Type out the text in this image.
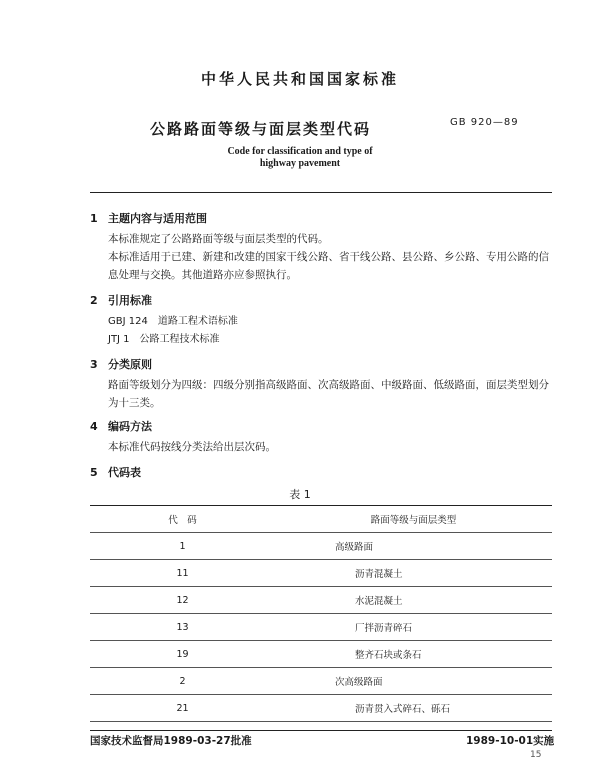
中华人民共和国国家标准
公路路面等级与面层类型代码	GB 920—89
Code for classification and type of
highway pavement
1 主题内容与适用范围
本标准规定了公路路面等级与面层类型的代码。
本标准适用于已建、新建和改建的国家干线公路、省干线公路、县公路、乡公路、专用公路的信息处理与交换。其他道路亦应参照执行。
2 引用标准
GBJ 124　道路工程术语标准
JTJ 1　公路工程技术标准
3 分类原则
路面等级划分为四级：四级分别指高级路面、次高级路面、中级路面、低级路面，面层类型划分为十三类。
4 编码方法
本标准代码按线分类法给出层次码。
5 代码表
表 1
代　码	路面等级与面层类型
1	高级路面
11	沥青混凝土
12	水泥混凝土
13	厂拌沥青碎石
19	整齐石块或条石
2	次高级路面
21	沥青贯入式碎石、砾石
国家技术监督局1989-03-27批准	1989-10-01实施
15
